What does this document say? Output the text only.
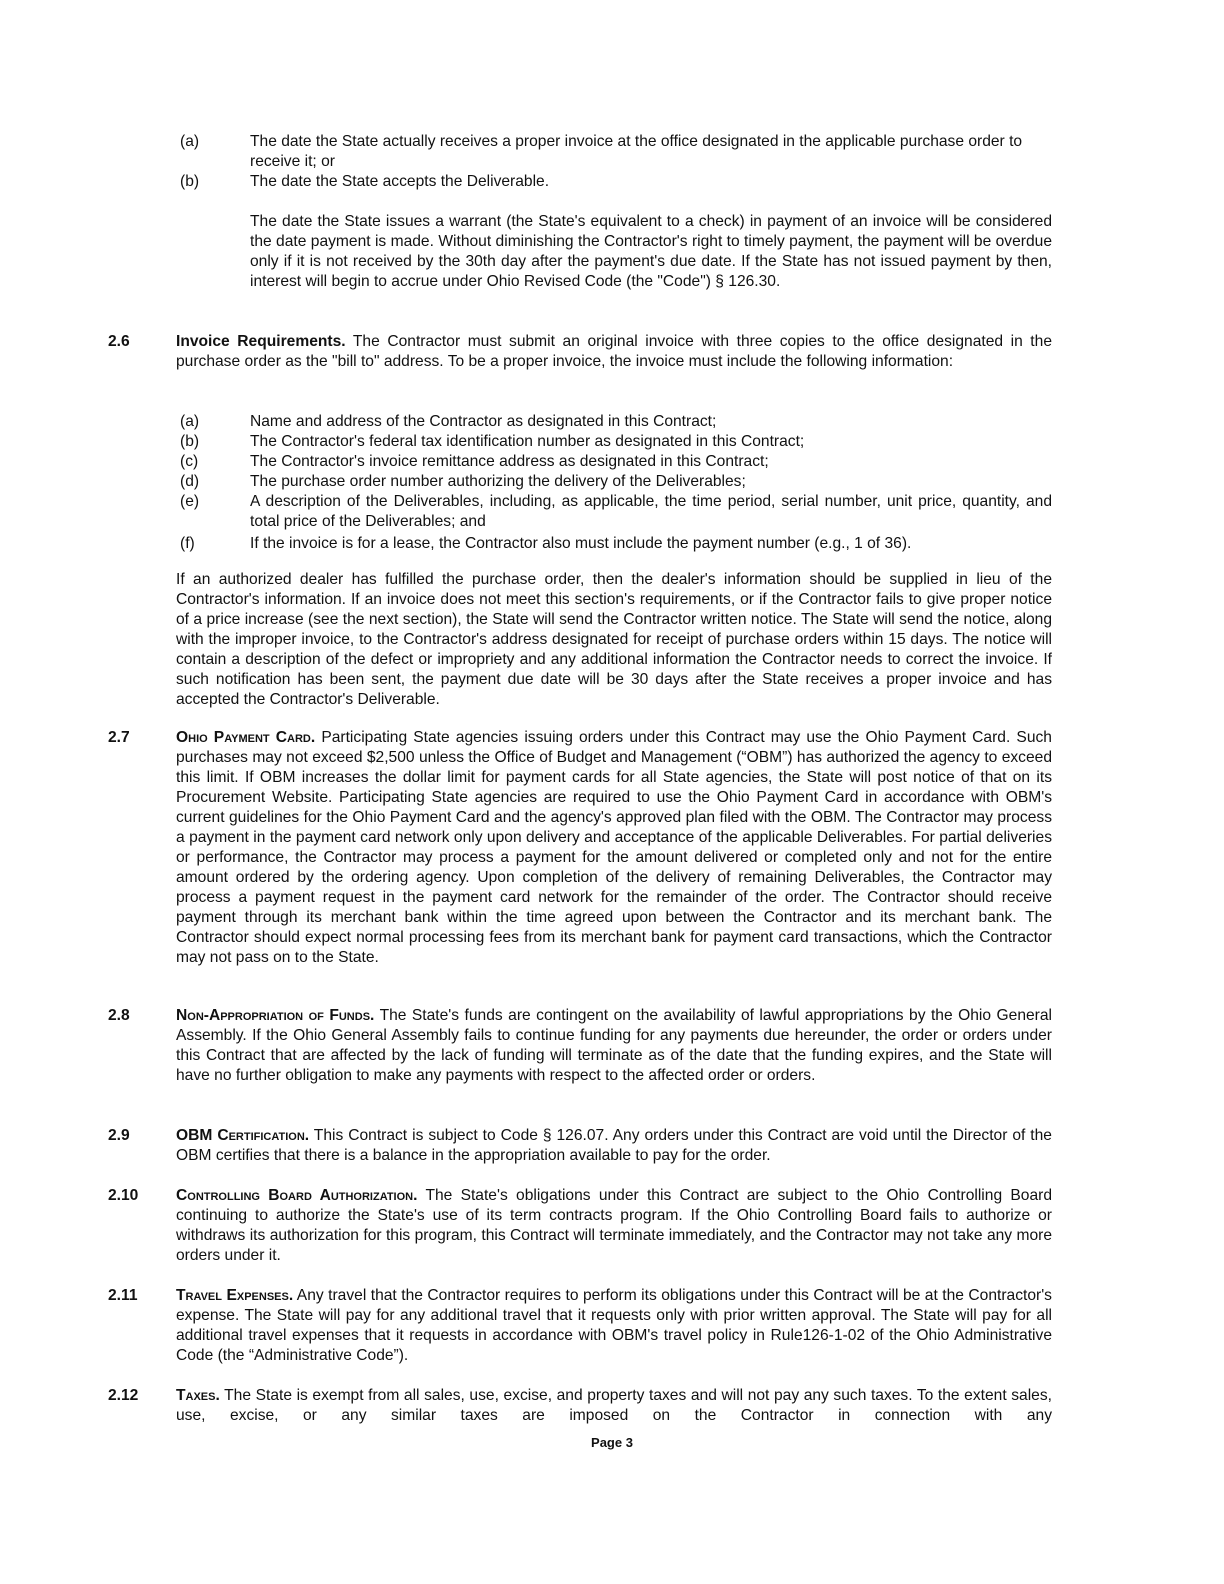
(a)	The date the State actually receives a proper invoice at the office designated in the applicable purchase order to receive it; or
(b)	The date the State accepts the Deliverable.
The date the State issues a warrant (the State's equivalent to a check) in payment of an invoice will be considered the date payment is made. Without diminishing the Contractor's right to timely payment, the payment will be overdue only if it is not received by the 30th day after the payment's due date. If the State has not issued payment by then, interest will begin to accrue under Ohio Revised Code (the "Code") § 126.30.
2.6	Invoice Requirements. The Contractor must submit an original invoice with three copies to the office designated in the purchase order as the "bill to" address. To be a proper invoice, the invoice must include the following information:
(a)	Name and address of the Contractor as designated in this Contract;
(b)	The Contractor's federal tax identification number as designated in this Contract;
(c)	The Contractor's invoice remittance address as designated in this Contract;
(d)	The purchase order number authorizing the delivery of the Deliverables;
(e)	A description of the Deliverables, including, as applicable, the time period, serial number, unit price, quantity, and total price of the Deliverables; and
(f)	If the invoice is for a lease, the Contractor also must include the payment number (e.g., 1 of 36).
If an authorized dealer has fulfilled the purchase order, then the dealer's information should be supplied in lieu of the Contractor's information. If an invoice does not meet this section's requirements, or if the Contractor fails to give proper notice of a price increase (see the next section), the State will send the Contractor written notice. The State will send the notice, along with the improper invoice, to the Contractor's address designated for receipt of purchase orders within 15 days. The notice will contain a description of the defect or impropriety and any additional information the Contractor needs to correct the invoice. If such notification has been sent, the payment due date will be 30 days after the State receives a proper invoice and has accepted the Contractor's Deliverable.
2.7	Ohio Payment Card. Participating State agencies issuing orders under this Contract may use the Ohio Payment Card. Such purchases may not exceed $2,500 unless the Office of Budget and Management (“OBM”) has authorized the agency to exceed this limit. If OBM increases the dollar limit for payment cards for all State agencies, the State will post notice of that on its Procurement Website. Participating State agencies are required to use the Ohio Payment Card in accordance with OBM's current guidelines for the Ohio Payment Card and the agency's approved plan filed with the OBM. The Contractor may process a payment in the payment card network only upon delivery and acceptance of the applicable Deliverables. For partial deliveries or performance, the Contractor may process a payment for the amount delivered or completed only and not for the entire amount ordered by the ordering agency. Upon completion of the delivery of remaining Deliverables, the Contractor may process a payment request in the payment card network for the remainder of the order. The Contractor should receive payment through its merchant bank within the time agreed upon between the Contractor and its merchant bank. The Contractor should expect normal processing fees from its merchant bank for payment card transactions, which the Contractor may not pass on to the State.
2.8	Non-Appropriation of Funds. The State's funds are contingent on the availability of lawful appropriations by the Ohio General Assembly. If the Ohio General Assembly fails to continue funding for any payments due hereunder, the order or orders under this Contract that are affected by the lack of funding will terminate as of the date that the funding expires, and the State will have no further obligation to make any payments with respect to the affected order or orders.
2.9	OBM Certification. This Contract is subject to Code § 126.07. Any orders under this Contract are void until the Director of the OBM certifies that there is a balance in the appropriation available to pay for the order.
2.10	Controlling Board Authorization. The State's obligations under this Contract are subject to the Ohio Controlling Board continuing to authorize the State's use of its term contracts program. If the Ohio Controlling Board fails to authorize or withdraws its authorization for this program, this Contract will terminate immediately, and the Contractor may not take any more orders under it.
2.11	Travel Expenses. Any travel that the Contractor requires to perform its obligations under this Contract will be at the Contractor's expense. The State will pay for any additional travel that it requests only with prior written approval. The State will pay for all additional travel expenses that it requests in accordance with OBM's travel policy in Rule126-1-02 of the Ohio Administrative Code (the “Administrative Code”).
2.12	Taxes. The State is exempt from all sales, use, excise, and property taxes and will not pay any such taxes. To the extent sales, use, excise, or any similar taxes are imposed on the Contractor in connection with any
Page 3
